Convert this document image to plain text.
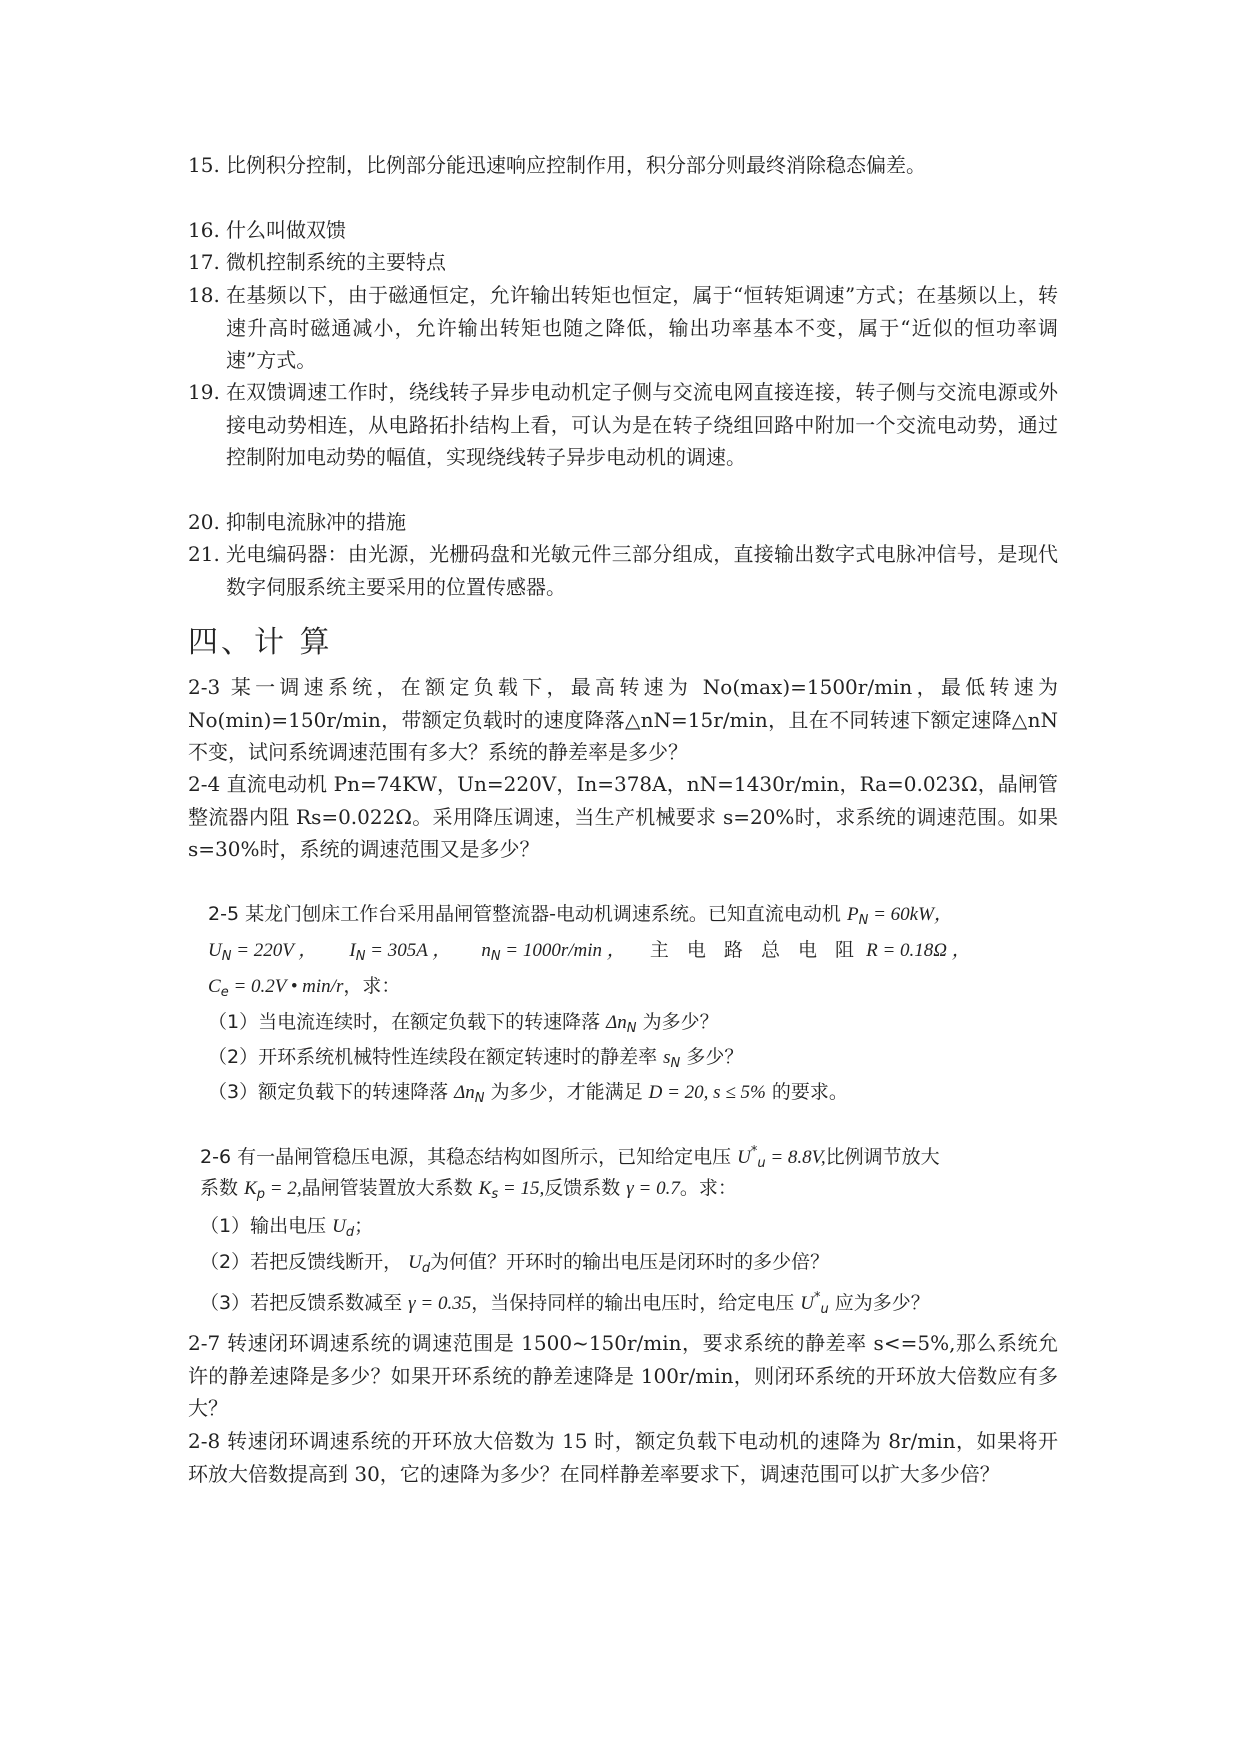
15. 比例积分控制，比例部分能迅速响应控制作用，积分部分则最终消除稳态偏差。
16. 什么叫做双馈
17. 微机控制系统的主要特点
18. 在基频以下，由于磁通恒定，允许输出转矩也恒定，属于“恒转矩调速”方式；在基频以上，转速升高时磁通减小，允许输出转矩也随之降低，输出功率基本不变，属于“近似的恒功率调速”方式。
19. 在双馈调速工作时，绕线转子异步电动机定子侧与交流电网直接连接，转子侧与交流电源或外接电动势相连，从电路拓扑结构上看，可认为是在转子绕组回路中附加一个交流电动势，通过控制附加电动势的幅值，实现绕线转子异步电动机的调速。
20. 抑制电流脉冲的措施
21. 光电编码器：由光源，光栅码盘和光敏元件三部分组成，直接输出数字式电脉冲信号，是现代数字伺服系统主要采用的位置传感器。
四、计 算
2-3 某一调速系统，在额定负载下，最高转速为 No(max)=1500r/min，最低转速为 No(min)=150r/min，带额定负载时的速度降落△nN=15r/min，且在不同转速下额定速降△nN 不变，试问系统调速范围有多大？系统的静差率是多少？
2-4 直流电动机 Pn=74KW，Un=220V，In=378A，nN=1430r/min，Ra=0.023Ω，晶闸管整流器内阻 Rs=0.022Ω。采用降压调速，当生产机械要求 s=20%时，求系统的调速范围。如果 s=30%时，系统的调速范围又是多少？
2-5 某龙门刨床工作台采用晶闸管整流器-电动机调速系统。已知直流电动机 $P_N = 60kW$，
$U_N = 220V$ ， $I_N = 305A$ ， $n_N = 1000r/\min$ ， 主 电 路 总 电 阻 R = 0.18Ω ，
$C_e = 0.2V$ • min/r，求：
（1）当电流连续时，在额定负载下的转速降落 $\Delta n_N$ 为多少？
（2）开环系统机械特性连续段在额定转速时的静差率 $s_N$ 多少？
（3）额定负载下的转速降落 $\Delta n_N$ 为多少，才能满足 D = 20, s ≤ 5% 的要求。
2-6 有一晶闸管稳压电源，其稳态结构如图所示，已知给定电压 $U^*_u = 8.8V$,比例调节放大
系数 $K_p = 2$,晶闸管装置放大系数 $K_s = 15$,反馈系数 γ = 0.7。求：
（1）输出电压 $U_d$；
（2）若把反馈线断开， $U_d$为何值？开环时的输出电压是闭环时的多少倍？
（3）若把反馈系数减至 γ = 0.35，当保持同样的输出电压时，给定电压 $U^*_u$ 应为多少？
2-7 转速闭环调速系统的调速范围是 1500~150r/min，要求系统的静差率 s<=5%,那么系统允许的静差速降是多少？如果开环系统的静差速降是 100r/min，则闭环系统的开环放大倍数应有多大？
2-8 转速闭环调速系统的开环放大倍数为 15 时，额定负载下电动机的速降为 8r/min，如果将开环放大倍数提高到 30，它的速降为多少？在同样静差率要求下，调速范围可以扩大多少倍？
